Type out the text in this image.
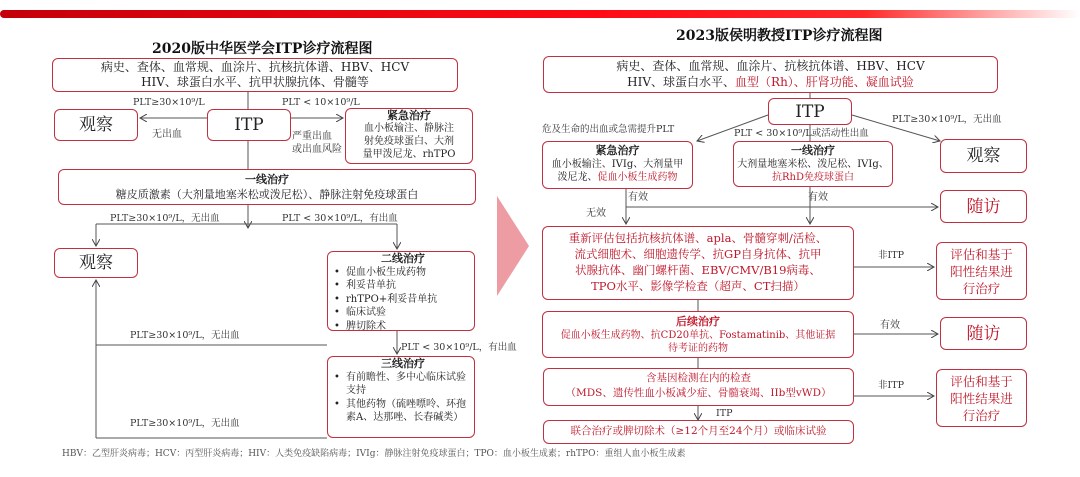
2020版中华医学会ITP诊疗流程图
病史、查体、血常规、血涂片、抗核抗体谱、HBV、HCV
HIV、球蛋白水平、抗甲状腺抗体、骨髓等
PLT≥30×10⁹/L	PLT < 10×10⁹/L
观察	ITP
无出血	严重出血
或出血风险
紧急治疗
血小板输注、静脉注
射免疫球蛋白、大剂
量甲泼尼龙、rhTPO
一线治疗
糖皮质激素（大剂量地塞米松或泼尼松）、静脉注射免疫球蛋白
PLT≥30×10⁹/L，无出血	PLT < 30×10⁹/L，有出血
观察	二线治疗
• 促血小板生成药物
• 利妥昔单抗
• rhTPO+利妥昔单抗
• 临床试验
• 脾切除术
PLT≥30×10⁹/L，无出血
PLT < 30×10⁹/L，有出血
三线治疗
• 有前瞻性、多中心临床试验支持
• 其他药物（硫唑嘌呤、环孢素A、达那唑、长春碱类）
PLT≥30×10⁹/L，无出血
2023版侯明教授ITP诊疗流程图
病史、查体、血常规、血涂片、抗核抗体谱、HBV、HCV
HIV、球蛋白水平、血型（Rh）、肝肾功能、凝血试验
ITP
危及生命的出血或急需提升PLT	PLT < 30×10⁹/L或活动性出血
PLT≥30×10⁹/L，无出血
紧急治疗
血小板输注、IVIg、大剂量甲
泼尼龙、促血小板生成药物
一线治疗
大剂量地塞米松、泼尼松、IVIg、
抗RhD免疫球蛋白
观察
有效	有效
无效	随访
重新评估包括抗核抗体谱、apla、骨髓穿刺/活检、
流式细胞术、细胞遗传学、抗GP自身抗体、抗甲
状腺抗体、幽门螺杆菌、EBV/CMV/B19病毒、
TPO水平、影像学检查（超声、CT扫描）
非ITP	评估和基于
阳性结果进
行治疗
后续治疗
促血小板生成药物、抗CD20单抗、Fostamatinib、其他证据
待考证的药物
有效	随访
含基因检测在内的检查
（MDS、遗传性血小板减少症、骨髓衰竭、IIb型vWD）
非ITP	评估和基于
阳性结果进
行治疗
ITP
联合治疗或脾切除术（≥12个月至24个月）或临床试验
HBV：乙型肝炎病毒；HCV：丙型肝炎病毒；HIV：人类免疫缺陷病毒；IVIg：静脉注射免疫球蛋白；TPO：血小板生成素；rhTPO：重组人血小板生成素
